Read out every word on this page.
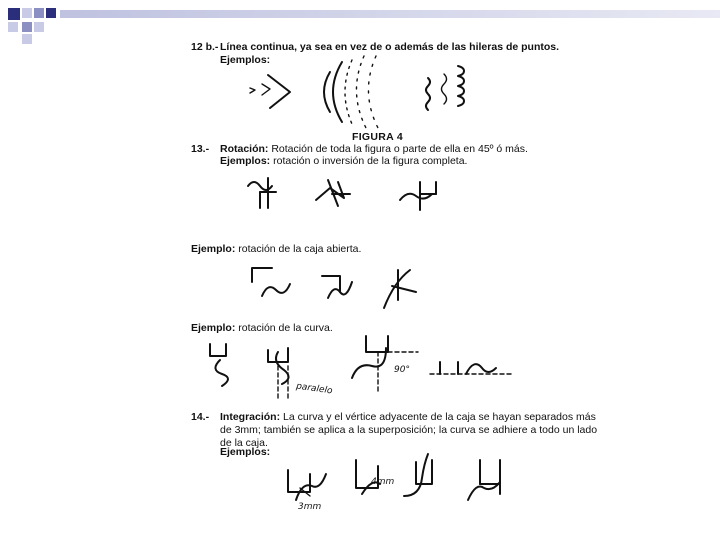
12 b.- Línea continua, ya sea en vez de o además de las hileras de puntos.
Ejemplos:
FIGURA 4
13.- Rotación: Rotación de toda la figura o parte de ella en 45º ó más.
Ejemplos: rotación o inversión de la figura completa.
Ejemplo: rotación de la caja abierta.
Ejemplo: rotación de la curva.
paralelo
90°
14.- Integración: La curva y el vértice adyacente de la caja se hayan separados más de 3mm; también se aplica a la superposición; la curva se adhiere a todo un lado de la caja.
Ejemplos:
3mm
4mm
